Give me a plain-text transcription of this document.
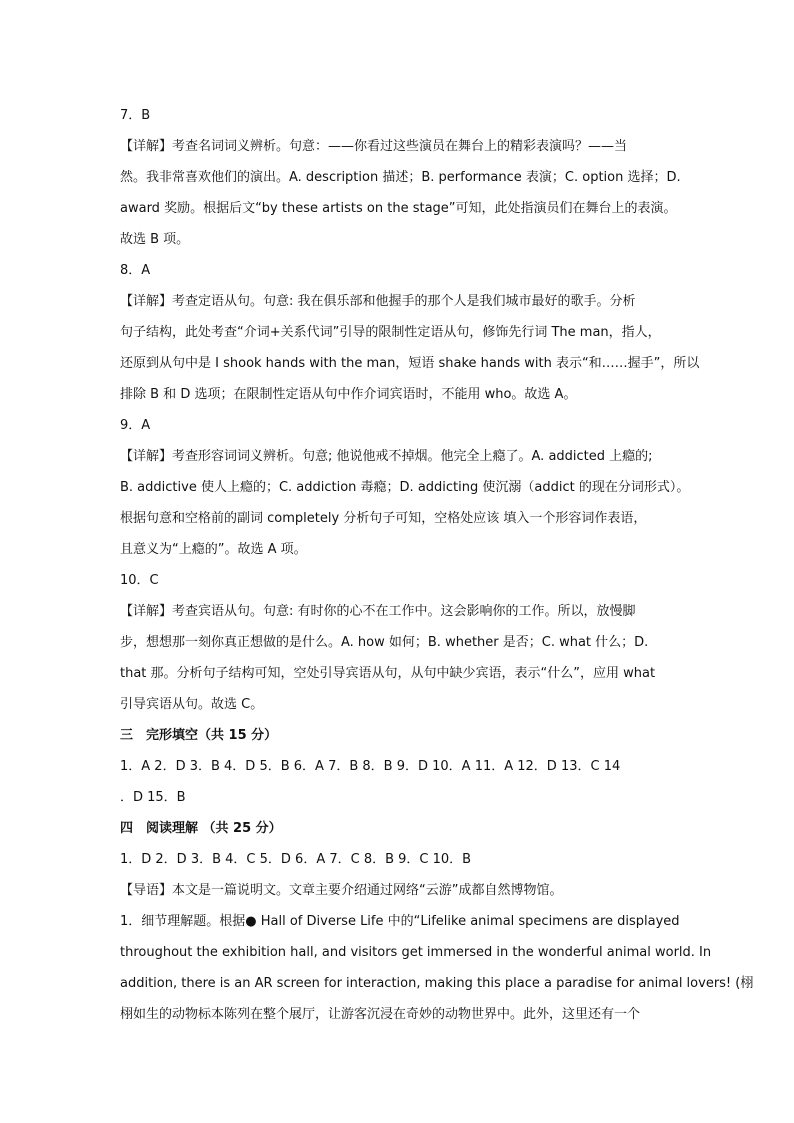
7．B
【详解】考查名词词义辨析。句意：——你看过这些演员在舞台上的精彩表演吗？——当
然。我非常喜欢他们的演出。A. description 描述；B. performance 表演；C. option 选择；D.
award 奖励。根据后文“by these artists on the stage”可知，此处指演员们在舞台上的表演。
故选 B 项。
8．A
【详解】考查定语从句。句意: 我在俱乐部和他握手的那个人是我们城市最好的歌手。分析
句子结构，此处考查“介词+关系代词”引导的限制性定语从句，修饰先行词 The man，指人，
还原到从句中是 I shook hands with the man，短语 shake hands with 表示“和……握手”，所以
排除 B 和 D 选项；在限制性定语从句中作介词宾语时，不能用 who。故选 A。
9．A
【详解】考查形容词词义辨析。句意; 他说他戒不掉烟。他完全上瘾了。A. addicted 上瘾的;
B. addictive 使人上瘾的；C. addiction 毒瘾；D. addicting 使沉溺（addict 的现在分词形式）。
根据句意和空格前的副词 completely 分析句子可知，空格处应该 填入一个形容词作表语，
且意义为“上瘾的”。故选 A 项。
10．C
【详解】考查宾语从句。句意: 有时你的心不在工作中。这会影响你的工作。所以，放慢脚
步，想想那一刻你真正想做的是什么。A. how 如何；B. whether 是否；C. what 什么；D.
that 那。分析句子结构可知，空处引导宾语从句，从句中缺少宾语，表示“什么”，应用 what
引导宾语从句。故选 C。
三　完形填空（共 15 分）
1．A 2．D 3．B 4．D 5．B 6．A 7．B 8．B 9．D 10．A 11．A 12．D 13．C 14
．D 15．B
四　阅读理解 （共 25 分）
1．D 2．D 3．B 4．C 5．D 6．A 7．C 8．B 9．C 10．B
【导语】本文是一篇说明文。文章主要介绍通过网络“云游”成都自然博物馆。
1．细节理解题。根据● Hall of Diverse Life 中的“Lifelike animal specimens are displayed
throughout the exhibition hall, and visitors get immersed in the wonderful animal world. In
addition, there is an AR screen for interaction, making this place a paradise for animal lovers! (栩
栩如生的动物标本陈列在整个展厅，让游客沉浸在奇妙的动物世界中。此外，这里还有一个
